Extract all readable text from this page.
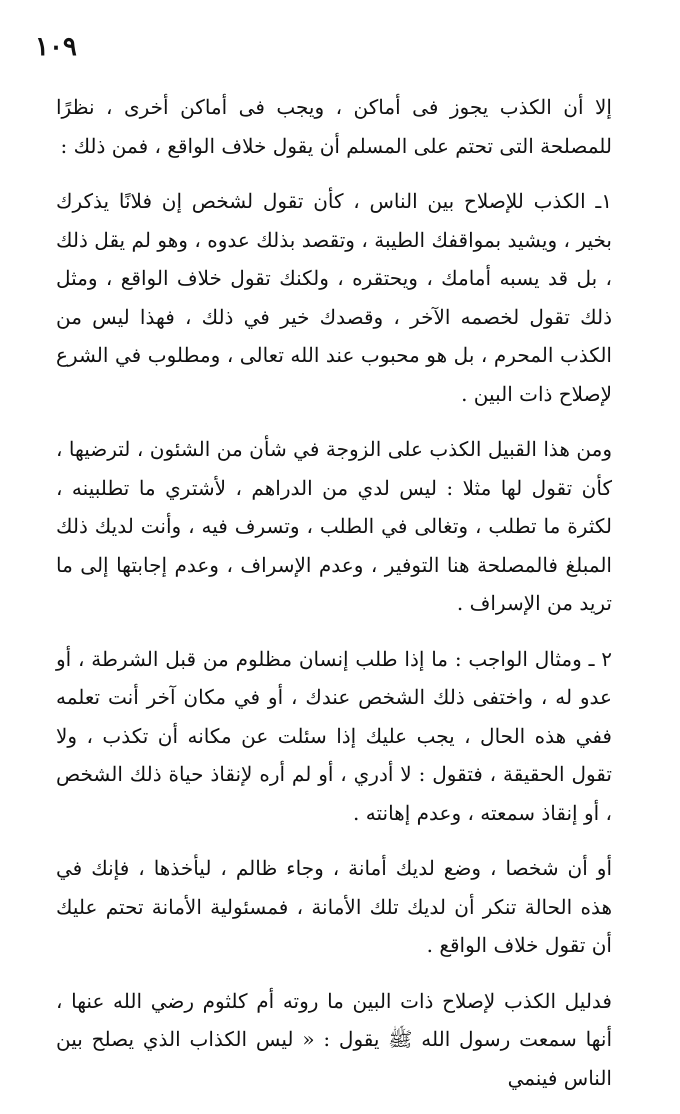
١٠٩

إلا أن الكذب يجوز فى أماكن ، ويجب فى أماكن أخرى ، نظرًا للمصلحة التى تحتم على المسلم أن يقول خلاف الواقع ، فمن ذلك :

١ـ الكذب للإصلاح بين الناس ، كأن تقول لشخص إن فلانًا يذكرك بخير ، ويشيد بمواقفك الطيبة ، وتقصد بذلك عدوه ، وهو لم يقل ذلك ، بل قد يسبه أمامك ، ويحتقره ، ولكنك تقول خلاف الواقع ، ومثل ذلك تقول لخصمه الآخر ، وقصدك خير في ذلك ، فهذا ليس من الكذب المحرم ، بل هو محبوب عند الله تعالى ، ومطلوب في الشرع لإصلاح ذات البين .

ومن هذا القبيل الكذب على الزوجة في شأن من الشئون ، لترضيها ، كأن تقول لها مثلا : ليس لدي من الدراهم ، لأشتري ما تطلبينه ، لكثرة ما تطلب ، وتغالى في الطلب ، وتسرف فيه ، وأنت لديك ذلك المبلغ فالمصلحة هنا التوفير ، وعدم الإسراف ، وعدم إجابتها إلى ما تريد من الإسراف .

٢ ـ ومثال الواجب : ما إذا طلب إنسان مظلوم من قبل الشرطة ، أو عدو له ، واختفى ذلك الشخص عندك ، أو في مكان آخر أنت تعلمه ففي هذه الحال ، يجب عليك إذا سئلت عن مكانه أن تكذب ، ولا تقول الحقيقة ، فتقول : لا أدري ، أو لم أره لإنقاذ حياة ذلك الشخص ، أو إنقاذ سمعته ، وعدم إهانته .

أو أن شخصا ، وضع لديك أمانة ، وجاء ظالم ، ليأخذها ، فإنك في هذه الحالة تنكر أن لديك تلك الأمانة ، فمسئولية الأمانة تحتم عليك أن تقول خلاف الواقع .

فدليل الكذب لإصلاح ذات البين ما روته أم كلثوم رضي الله عنها ، أنها سمعت رسول الله ﷺ يقول : « ليس الكذاب الذي يصلح بين الناس فينمي
